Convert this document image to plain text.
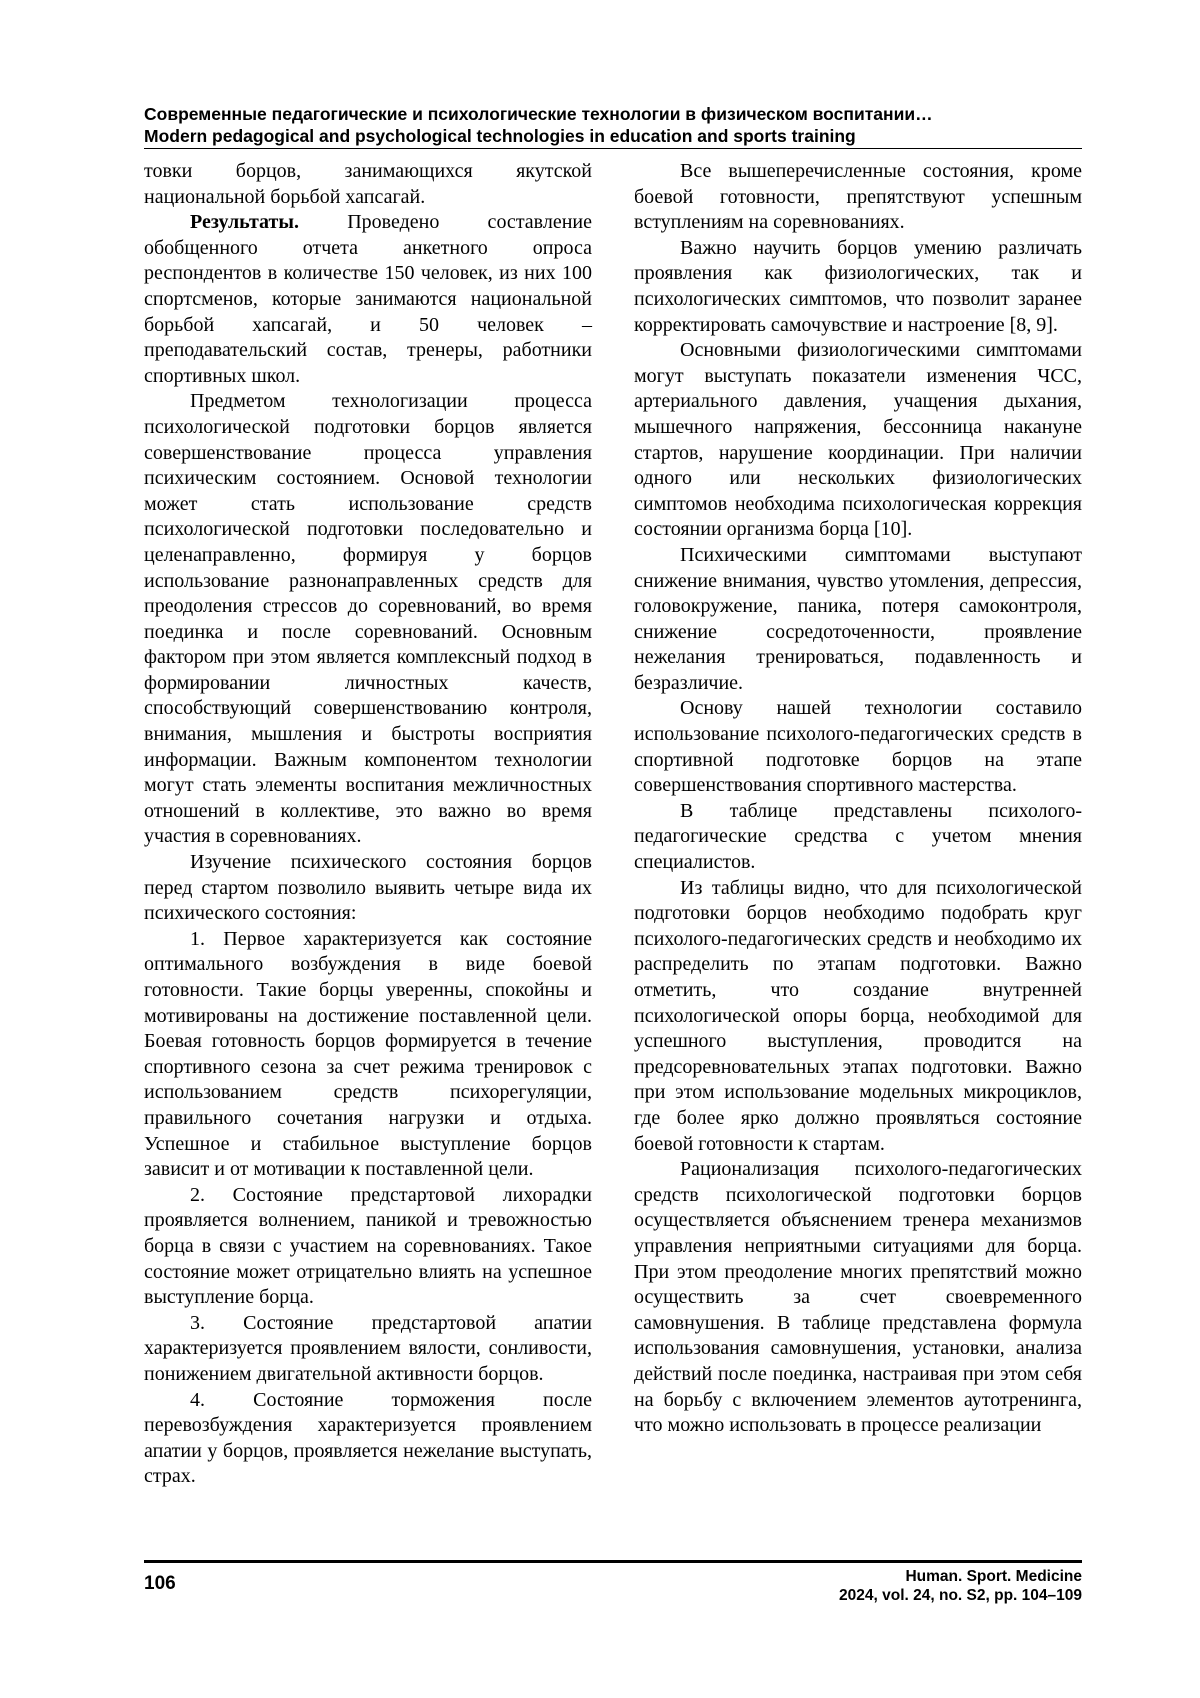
Современные педагогические и психологические технологии в физическом воспитании…
Modern pedagogical and psychological technologies in education and sports training

товки борцов, занимающихся якутской национальной борьбой хапсагай.

Результаты. Проведено составление обобщенного отчета анкетного опроса респондентов в количестве 150 человек, из них 100 спортсменов, которые занимаются национальной борьбой хапсагай, и 50 человек – преподавательский состав, тренеры, работники спортивных школ.

Предметом технологизации процесса психологической подготовки борцов является совершенствование процесса управления психическим состоянием. Основой технологии может стать использование средств психологической подготовки последовательно и целенаправленно, формируя у борцов использование разнонаправленных средств для преодоления стрессов до соревнований, во время поединка и после соревнований. Основным фактором при этом является комплексный подход в формировании личностных качеств, способствующий совершенствованию контроля, внимания, мышления и быстроты восприятия информации. Важным компонентом технологии могут стать элементы воспитания межличностных отношений в коллективе, это важно во время участия в соревнованиях.

Изучение психического состояния борцов перед стартом позволило выявить четыре вида их психического состояния:

1. Первое характеризуется как состояние оптимального возбуждения в виде боевой готовности. Такие борцы уверенны, спокойны и мотивированы на достижение поставленной цели. Боевая готовность борцов формируется в течение спортивного сезона за счет режима тренировок с использованием средств психорегуляции, правильного сочетания нагрузки и отдыха. Успешное и стабильное выступление борцов зависит и от мотивации к поставленной цели.

2. Состояние предстартовой лихорадки проявляется волнением, паникой и тревожностью борца в связи с участием на соревнованиях. Такое состояние может отрицательно влиять на успешное выступление борца.

3. Состояние предстартовой апатии характеризуется проявлением вялости, сонливости, понижением двигательной активности борцов.

4. Состояние торможения после перевозбуждения характеризуется проявлением апатии у борцов, проявляется нежелание выступать, страх.

Все вышеперечисленные состояния, кроме боевой готовности, препятствуют успешным вступлениям на соревнованиях.

Важно научить борцов умению различать проявления как физиологических, так и психологических симптомов, что позволит заранее корректировать самочувствие и настроение [8, 9].

Основными физиологическими симптомами могут выступать показатели изменения ЧСС, артериального давления, учащения дыхания, мышечного напряжения, бессонница накануне стартов, нарушение координации. При наличии одного или нескольких физиологических симптомов необходима психологическая коррекция состоянии организма борца [10].

Психическими симптомами выступают снижение внимания, чувство утомления, депрессия, головокружение, паника, потеря самоконтроля, снижение сосредоточенности, проявление нежелания тренироваться, подавленность и безразличие.

Основу нашей технологии составило использование психолого-педагогических средств в спортивной подготовке борцов на этапе совершенствования спортивного мастерства.

В таблице представлены психолого-педагогические средства с учетом мнения специалистов.

Из таблицы видно, что для психологической подготовки борцов необходимо подобрать круг психолого-педагогических средств и необходимо их распределить по этапам подготовки. Важно отметить, что создание внутренней психологической опоры борца, необходимой для успешного выступления, проводится на предсоревновательных этапах подготовки. Важно при этом использование модельных микроциклов, где более ярко должно проявляться состояние боевой готовности к стартам.

Рационализация психолого-педагогических средств психологической подготовки борцов осуществляется объяснением тренера механизмов управления неприятными ситуациями для борца. При этом преодоление многих препятствий можно осуществить за счет своевременного самовнушения. В таблице представлена формула использования самовнушения, установки, анализа действий после поединка, настраивая при этом себя на борьбу с включением элементов аутотренинга, что можно использовать в процессе реализации

106	Human. Sport. Medicine
2024, vol. 24, no. S2, pp. 104–109
